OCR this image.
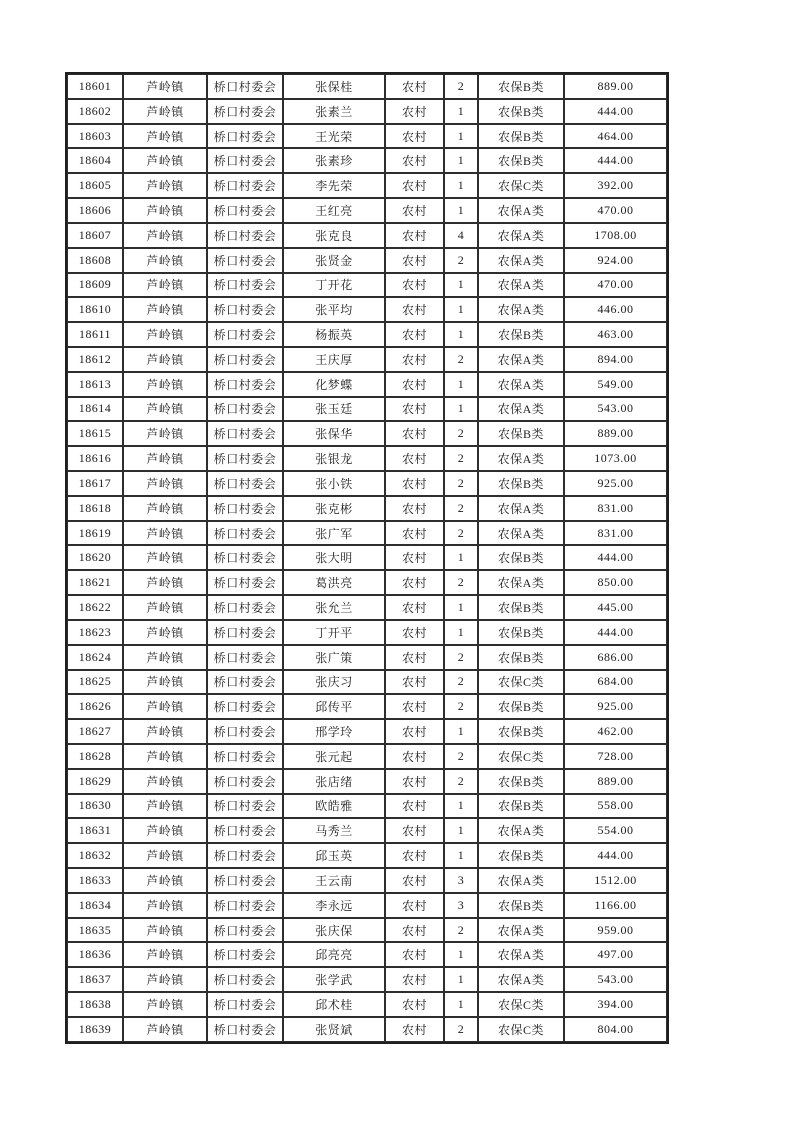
18601	芦岭镇	桥口村委会	张保桂	农村	2	农保B类	889.00
18602	芦岭镇	桥口村委会	张素兰	农村	1	农保B类	444.00
18603	芦岭镇	桥口村委会	王光荣	农村	1	农保B类	464.00
18604	芦岭镇	桥口村委会	张素珍	农村	1	农保B类	444.00
18605	芦岭镇	桥口村委会	李先荣	农村	1	农保C类	392.00
18606	芦岭镇	桥口村委会	王红亮	农村	1	农保A类	470.00
18607	芦岭镇	桥口村委会	张克良	农村	4	农保A类	1708.00
18608	芦岭镇	桥口村委会	张贤金	农村	2	农保A类	924.00
18609	芦岭镇	桥口村委会	丁开花	农村	1	农保A类	470.00
18610	芦岭镇	桥口村委会	张平均	农村	1	农保A类	446.00
18611	芦岭镇	桥口村委会	杨振英	农村	1	农保B类	463.00
18612	芦岭镇	桥口村委会	王庆厚	农村	2	农保A类	894.00
18613	芦岭镇	桥口村委会	化梦蝶	农村	1	农保A类	549.00
18614	芦岭镇	桥口村委会	张玉廷	农村	1	农保A类	543.00
18615	芦岭镇	桥口村委会	张保华	农村	2	农保B类	889.00
18616	芦岭镇	桥口村委会	张银龙	农村	2	农保A类	1073.00
18617	芦岭镇	桥口村委会	张小铁	农村	2	农保B类	925.00
18618	芦岭镇	桥口村委会	张克彬	农村	2	农保A类	831.00
18619	芦岭镇	桥口村委会	张广军	农村	2	农保A类	831.00
18620	芦岭镇	桥口村委会	张大明	农村	1	农保B类	444.00
18621	芦岭镇	桥口村委会	葛洪亮	农村	2	农保A类	850.00
18622	芦岭镇	桥口村委会	张允兰	农村	1	农保B类	445.00
18623	芦岭镇	桥口村委会	丁开平	农村	1	农保B类	444.00
18624	芦岭镇	桥口村委会	张广策	农村	2	农保B类	686.00
18625	芦岭镇	桥口村委会	张庆习	农村	2	农保C类	684.00
18626	芦岭镇	桥口村委会	邱传平	农村	2	农保B类	925.00
18627	芦岭镇	桥口村委会	邢学玲	农村	1	农保B类	462.00
18628	芦岭镇	桥口村委会	张元起	农村	2	农保C类	728.00
18629	芦岭镇	桥口村委会	张店绪	农村	2	农保B类	889.00
18630	芦岭镇	桥口村委会	欧皓雅	农村	1	农保B类	558.00
18631	芦岭镇	桥口村委会	马秀兰	农村	1	农保A类	554.00
18632	芦岭镇	桥口村委会	邱玉英	农村	1	农保B类	444.00
18633	芦岭镇	桥口村委会	王云南	农村	3	农保A类	1512.00
18634	芦岭镇	桥口村委会	李永远	农村	3	农保B类	1166.00
18635	芦岭镇	桥口村委会	张庆保	农村	2	农保A类	959.00
18636	芦岭镇	桥口村委会	邱亮亮	农村	1	农保A类	497.00
18637	芦岭镇	桥口村委会	张学武	农村	1	农保A类	543.00
18638	芦岭镇	桥口村委会	邱术桂	农村	1	农保C类	394.00
18639	芦岭镇	桥口村委会	张贤斌	农村	2	农保C类	804.00
